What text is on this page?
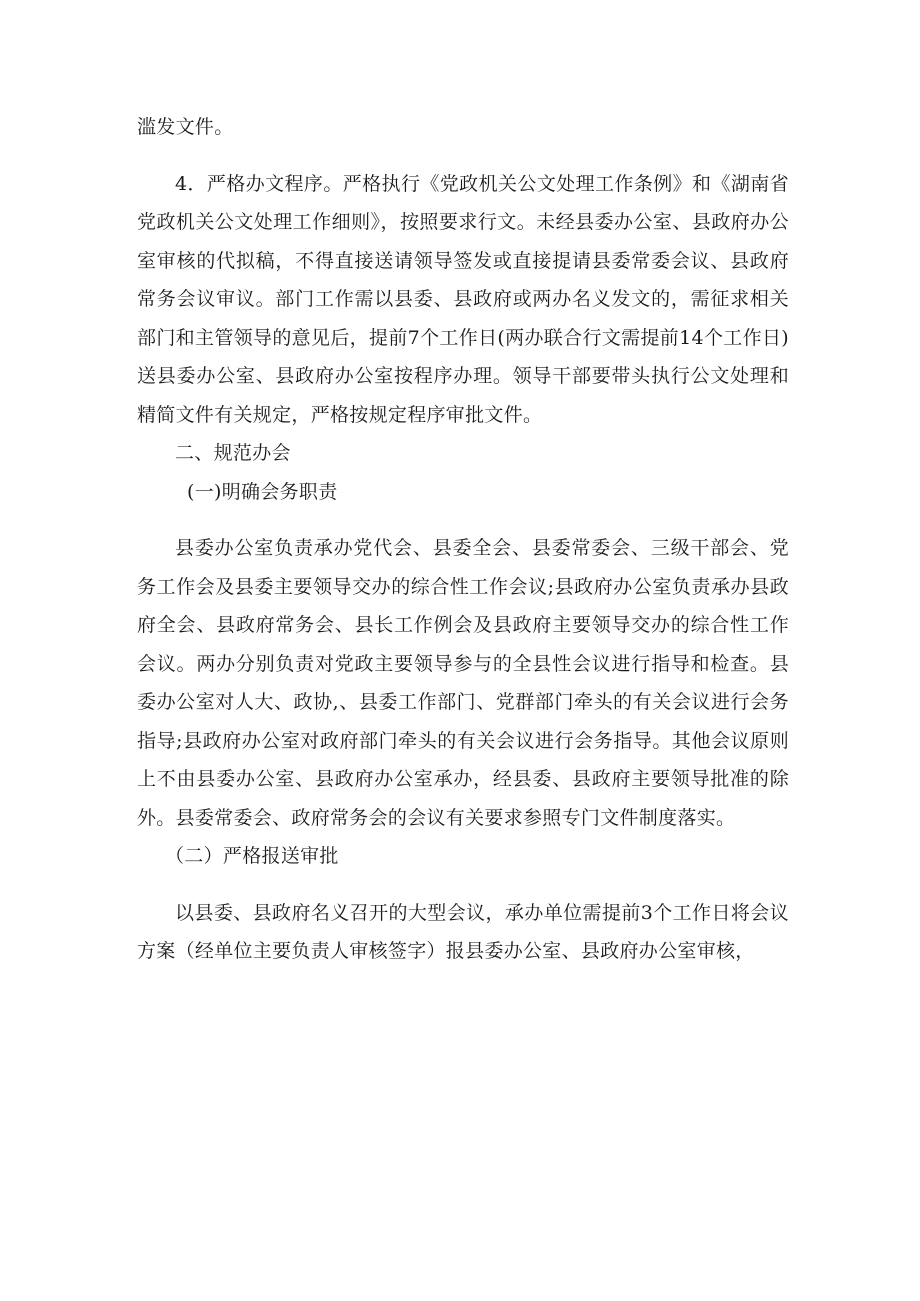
滥发文件。

4．严格办文程序。严格执行《党政机关公文处理工作条例》和《湖南省党政机关公文处理工作细则》，按照要求行文。未经县委办公室、县政府办公室审核的代拟稿，不得直接送请领导签发或直接提请县委常委会议、县政府常务会议审议。部门工作需以县委、县政府或两办名义发文的，需征求相关部门和主管领导的意见后，提前7个工作日(两办联合行文需提前14个工作日)送县委办公室、县政府办公室按程序办理。领导干部要带头执行公文处理和精简文件有关规定，严格按规定程序审批文件。

二、规范办会

(一)明确会务职责

县委办公室负责承办党代会、县委全会、县委常委会、三级干部会、党务工作会及县委主要领导交办的综合性工作会议;县政府办公室负责承办县政府全会、县政府常务会、县长工作例会及县政府主要领导交办的综合性工作会议。两办分别负责对党政主要领导参与的全县性会议进行指导和检查。县委办公室对人大、政协,、县委工作部门、党群部门牵头的有关会议进行会务指导;县政府办公室对政府部门牵头的有关会议进行会务指导。其他会议原则上不由县委办公室、县政府办公室承办，经县委、县政府主要领导批准的除外。县委常委会、政府常务会的会议有关要求参照专门文件制度落实。

（二）严格报送审批

以县委、县政府名义召开的大型会议，承办单位需提前3个工作日将会议方案（经单位主要负责人审核签字）报县委办公室、县政府办公室审核，
